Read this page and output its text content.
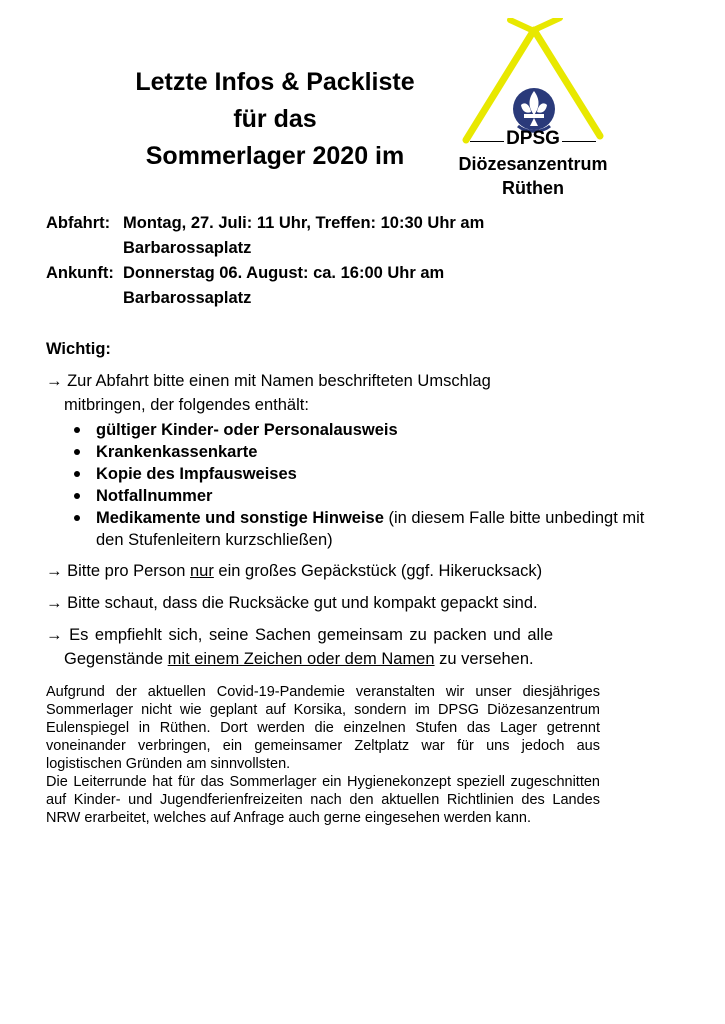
Letzte Infos & Packliste
für das
Sommerlager 2020 im
DPSG
Diözesanzentrum
Rüthen
Abfahrt: Montag, 27. Juli: 11 Uhr, Treffen: 10:30 Uhr am Barbarossaplatz
Ankunft: Donnerstag 06. August: ca. 16:00 Uhr am Barbarossaplatz
Wichtig:
→ Zur Abfahrt bitte einen mit Namen beschrifteten Umschlag
mitbringen, der folgendes enthält:
gültiger Kinder- oder Personalausweis
Krankenkassenkarte
Kopie des Impfausweises
Notfallnummer
Medikamente und sonstige Hinweise (in diesem Falle bitte unbedingt mit den Stufenleitern kurzschließen)
→ Bitte pro Person nur ein großes Gepäckstück (ggf. Hikerucksack)
→ Bitte schaut, dass die Rucksäcke gut und kompakt gepackt sind.
→ Es empfiehlt sich, seine Sachen gemeinsam zu packen und alle
Gegenstände mit einem Zeichen oder dem Namen zu versehen.

Aufgrund der aktuellen Covid-19-Pandemie veranstalten wir unser diesjähriges Sommerlager nicht wie geplant auf Korsika, sondern im DPSG Diözesanzentrum Eulenspiegel in Rüthen. Dort werden die einzelnen Stufen das Lager getrennt voneinander verbringen, ein gemeinsamer Zeltplatz war für uns jedoch aus logistischen Gründen am sinnvollsten.

Die Leiterrunde hat für das Sommerlager ein Hygienekonzept speziell zugeschnitten auf Kinder- und Jugendferienfreizeiten nach den aktuellen Richtlinien des Landes NRW erarbeitet, welches auf Anfrage auch gerne eingesehen werden kann.
